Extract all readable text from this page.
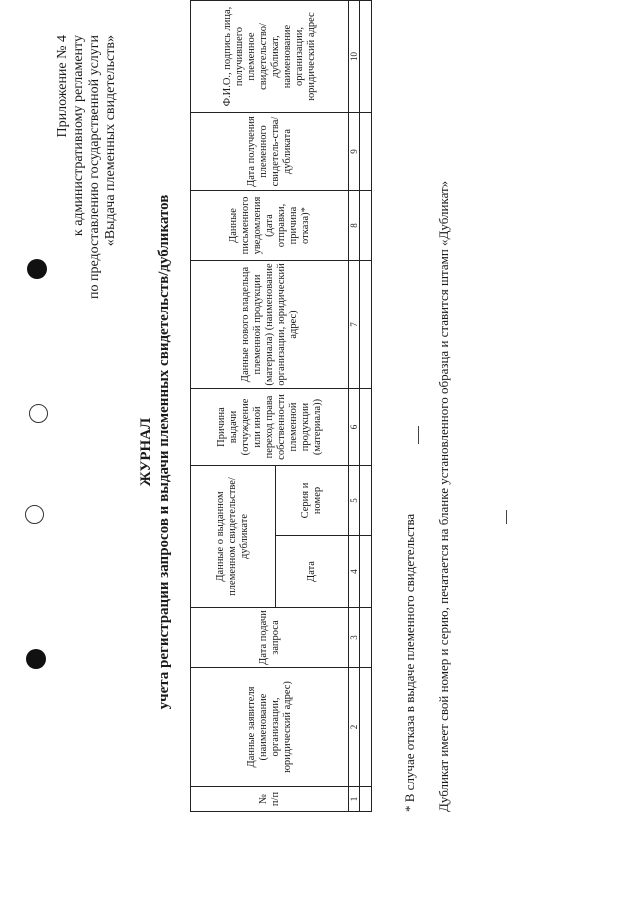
Приложение № 4 к административному регламенту по предоставлению государственной услуги «Выдача племенных свидетельств»
ЖУРНАЛ учета регистрации запросов и выдачи племенных свидетельств/дубликатов
№ п/п	Данные заявителя (наименование организации, юридический адрес)	Дата подачи запроса	Данные о выданном племенном свидетельстве/ дубликате		Причина выдачи (отчуждение или иной переход права собственности племенной продукции (материала))	Данные нового владельца племенной продукции (материала) (наименование организации, юридический адрес)	Данные письменного уведомления (дата отправки, причина отказа)*	Дата получения племенного свидетель-ства/ дубликата	Ф.И.О., подпись лица, получившего племенное свидетельство/ дубликат, наименование организации, юридический адрес
			Дата	Серия и номер					
1	2	3	4	5	6	7	8	9	10

* В случае отказа в выдаче племенного свидетельства Дубликат имеет свой номер и серию, печатается на бланке установленного образца и ставится штамп «Дубликат»
